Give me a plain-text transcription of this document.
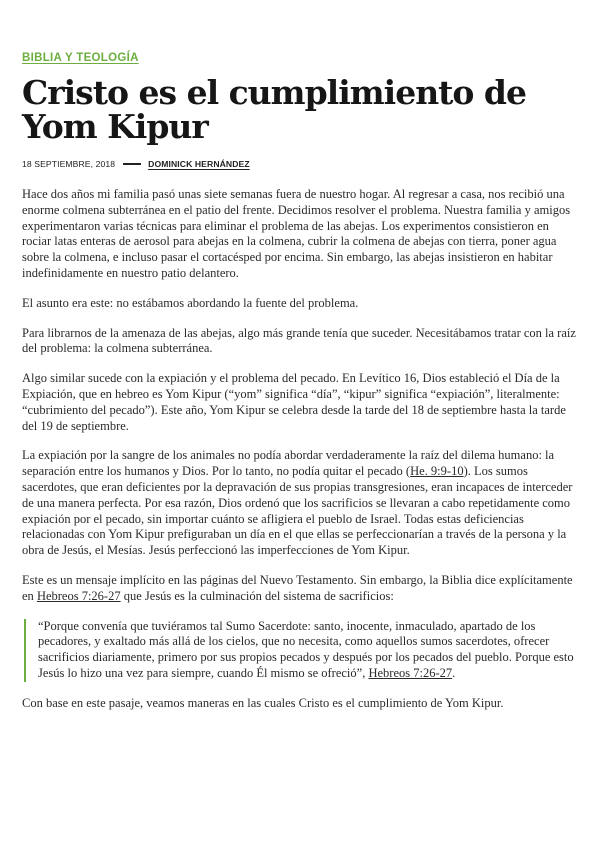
BIBLIA Y TEOLOGÍA
Cristo es el cumplimiento de Yom Kipur
18 SEPTIEMBRE, 2018	DOMINICK HERNÁNDEZ

Hace dos años mi familia pasó unas siete semanas fuera de nuestro hogar. Al regresar a casa, nos recibió una enorme colmena subterránea en el patio del frente. Decidimos resolver el problema. Nuestra familia y amigos experimentaron varias técnicas para eliminar el problema de las abejas. Los experimentos consistieron en rociar latas enteras de aerosol para abejas en la colmena, cubrir la colmena de abejas con tierra, poner agua sobre la colmena, e incluso pasar el cortacésped por encima. Sin embargo, las abejas insistieron en habitar indefinidamente en nuestro patio delantero.

El asunto era este: no estábamos abordando la fuente del problema.

Para librarnos de la amenaza de las abejas, algo más grande tenía que suceder. Necesitábamos tratar con la raíz del problema: la colmena subterránea.

Algo similar sucede con la expiación y el problema del pecado. En Levítico 16, Dios estableció el Día de la Expiación, que en hebreo es Yom Kipur (“yom” significa “día”, “kipur” significa “expiación”, literalmente: “cubrimiento del pecado”). Este año, Yom Kipur se celebra desde la tarde del 18 de septiembre hasta la tarde del 19 de septiembre.

La expiación por la sangre de los animales no podía abordar verdaderamente la raíz del dilema humano: la separación entre los humanos y Dios. Por lo tanto, no podía quitar el pecado (He. 9:9-10). Los sumos sacerdotes, que eran deficientes por la depravación de sus propias transgresiones, eran incapaces de interceder de una manera perfecta. Por esa razón, Dios ordenó que los sacrificios se llevaran a cabo repetidamente como expiación por el pecado, sin importar cuánto se afligiera el pueblo de Israel. Todas estas deficiencias relacionadas con Yom Kipur prefiguraban un día en el que ellas se perfeccionarían a través de la persona y la obra de Jesús, el Mesías. Jesús perfeccionó las imperfecciones de Yom Kipur.

Este es un mensaje implícito en las páginas del Nuevo Testamento. Sin embargo, la Biblia dice explícitamente en Hebreos 7:26-27 que Jesús es la culminación del sistema de sacrificios:

“Porque convenía que tuviéramos tal Sumo Sacerdote: santo, inocente, inmaculado, apartado de los pecadores, y exaltado más allá de los cielos, que no necesita, como aquellos sumos sacerdotes, ofrecer sacrificios diariamente, primero por sus propios pecados y después por los pecados del pueblo. Porque esto Jesús lo hizo una vez para siempre, cuando Él mismo se ofreció”, Hebreos 7:26-27.

Con base en este pasaje, veamos maneras en las cuales Cristo es el cumplimiento de Yom Kipur.
